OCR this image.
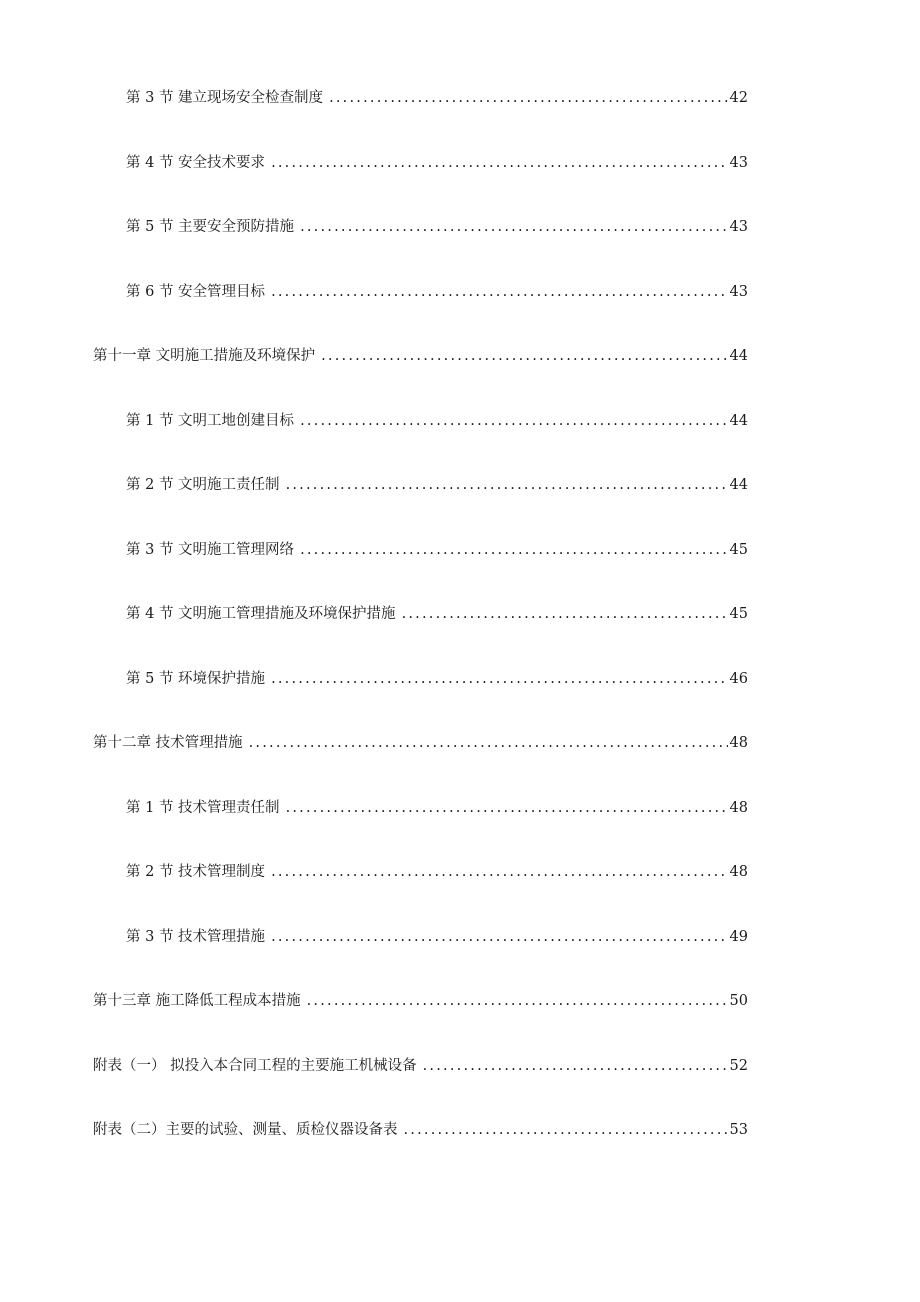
第 3 节 建立现场安全检查制度 .....	42
第 4 节 安全技术要求 .....	43
第 5 节 主要安全预防措施 .....	43
第 6 节 安全管理目标 .....	43
第十一章 文明施工措施及环境保护 .....	44
第 1 节 文明工地创建目标 .....	44
第 2 节 文明施工责任制 .....	44
第 3 节 文明施工管理网络 .....	45
第 4 节 文明施工管理措施及环境保护措施 .....	45
第 5 节 环境保护措施 .....	46
第十二章 技术管理措施 .....	48
第 1 节 技术管理责任制 .....	48
第 2 节 技术管理制度 .....	48
第 3 节 技术管理措施 .....	49
第十三章 施工降低工程成本措施 .....	50
附表（一） 拟投入本合同工程的主要施工机械设备 .....	52
附表（二）主要的试验、测量、质检仪器设备表 .....	53
